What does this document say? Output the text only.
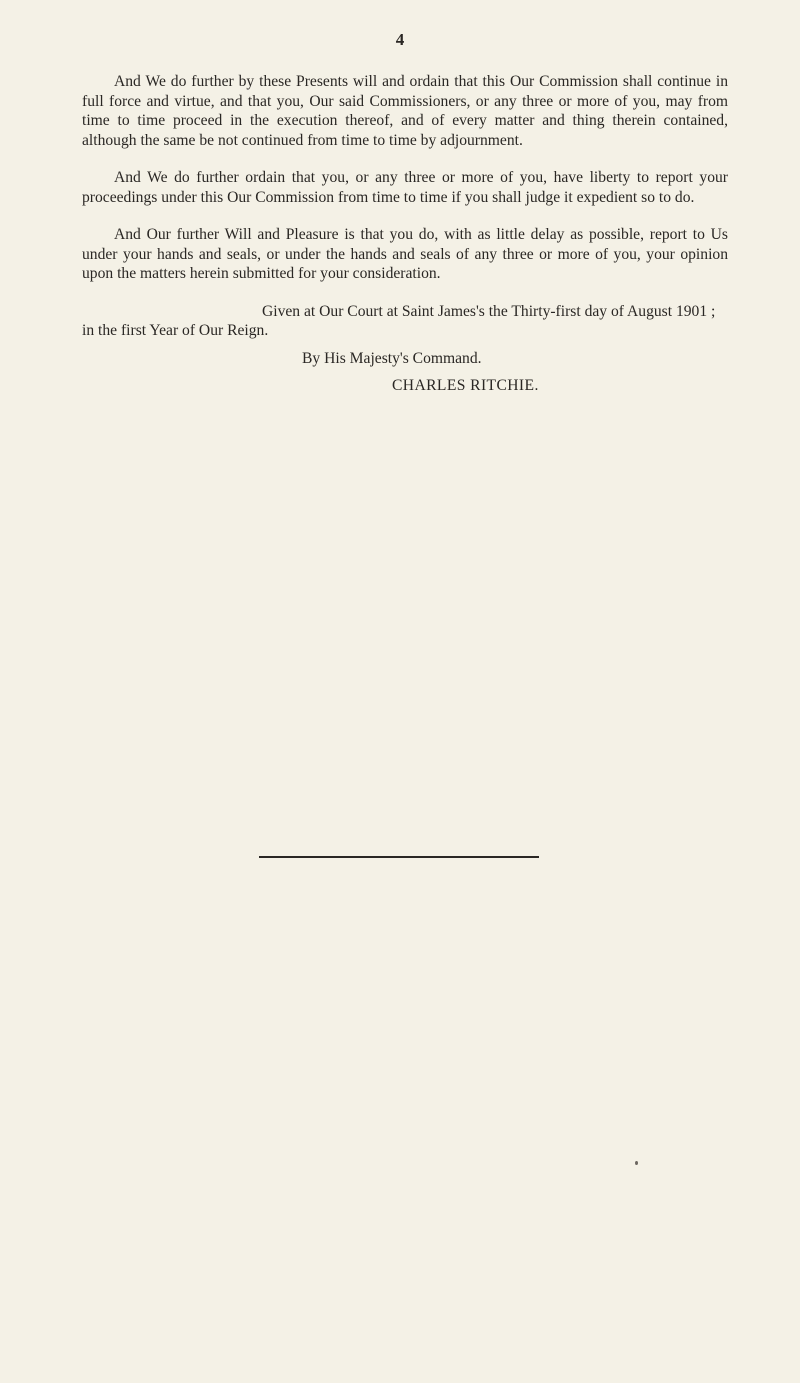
4

And We do further by these Presents will and ordain that this Our Commission shall continue in full force and virtue, and that you, Our said Commissioners, or any three or more of you, may from time to time proceed in the execution thereof, and of every matter and thing therein contained, although the same be not continued from time to time by adjournment.

And We do further ordain that you, or any three or more of you, have liberty to report your proceedings under this Our Commission from time to time if you shall judge it expedient so to do.

And Our further Will and Pleasure is that you do, with as little delay as possible, report to Us under your hands and seals, or under the hands and seals of any three or more of you, your opinion upon the matters herein submitted for your consideration.

Given at Our Court at Saint James's the Thirty-first day of August 1901 ; in the first Year of Our Reign.

By His Majesty's Command.

CHARLES RITCHIE.
